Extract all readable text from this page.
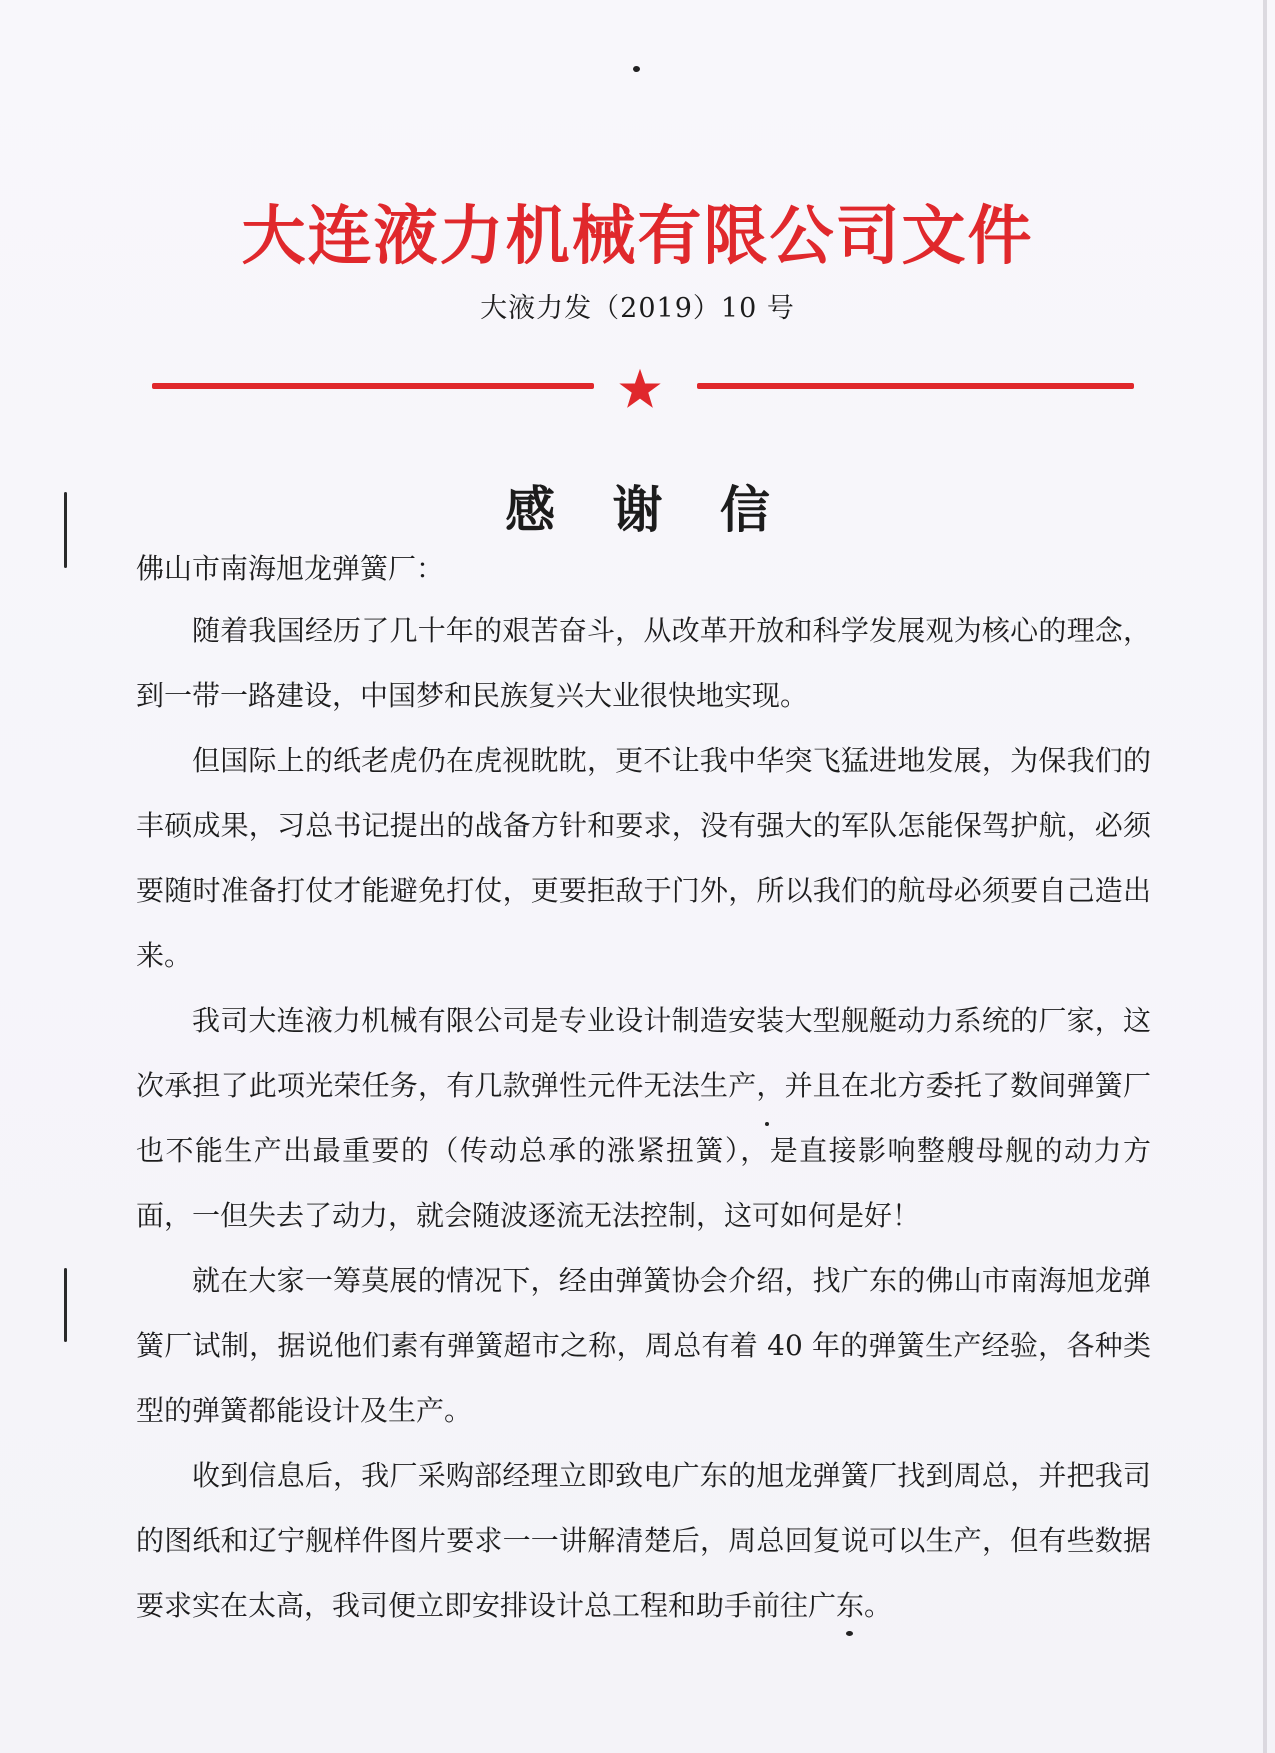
大连液力机械有限公司文件
大液力发（2019）10 号
感 谢 信
佛山市南海旭龙弹簧厂：

随着我国经历了几十年的艰苦奋斗，从改革开放和科学发展观为核心的理念，到一带一路建设，中国梦和民族复兴大业很快地实现。

但国际上的纸老虎仍在虎视眈眈，更不让我中华突飞猛进地发展，为保我们的丰硕成果，习总书记提出的战备方针和要求，没有强大的军队怎能保驾护航，必须要随时准备打仗才能避免打仗，更要拒敌于门外，所以我们的航母必须要自己造出来。

我司大连液力机械有限公司是专业设计制造安装大型舰艇动力系统的厂家，这次承担了此项光荣任务，有几款弹性元件无法生产，并且在北方委托了数间弹簧厂也不能生产出最重要的（传动总承的涨紧扭簧），是直接影响整艘母舰的动力方面，一但失去了动力，就会随波逐流无法控制，这可如何是好！

就在大家一筹莫展的情况下，经由弹簧协会介绍，找广东的佛山市南海旭龙弹簧厂试制，据说他们素有弹簧超市之称，周总有着 40 年的弹簧生产经验，各种类型的弹簧都能设计及生产。

收到信息后，我厂采购部经理立即致电广东的旭龙弹簧厂找到周总，并把我司的图纸和辽宁舰样件图片要求一一讲解清楚后，周总回复说可以生产，但有些数据要求实在太高，我司便立即安排设计总工程和助手前往广东。
